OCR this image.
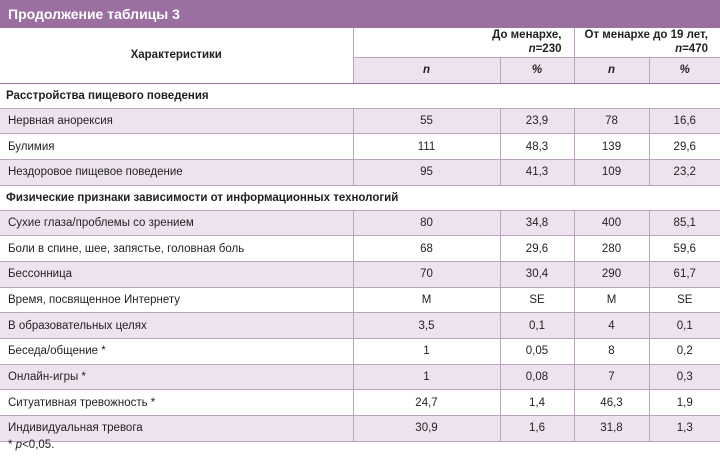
Продолжение таблицы 3
Характеристики	До менархе,
n=230		От менархе до 19 лет,
n=470	
	n	%	n	%
Расстройства пищевого поведения				
Нервная анорексия	55	23,9	78	16,6
Булимия	111	48,3	139	29,6
Нездоровое пищевое поведение	95	41,3	109	23,2
Физические признаки зависимости от информационных технологий				
Сухие глаза/проблемы со зрением	80	34,8	400	85,1
Боли в спине, шее, запястье, головная боль	68	29,6	280	59,6
Бессонница	70	30,4	290	61,7
Время, посвященное Интернету	M	SE	M	SE
В образовательных целях	3,5	0,1	4	0,1
Беседа/общение *	1	0,05	8	0,2
Онлайн-игры *	1	0,08	7	0,3
Ситуативная тревожность *	24,7	1,4	46,3	1,9
Индивидуальная тревога	30,9	1,6	31,8	1,3
* p<0,05.
